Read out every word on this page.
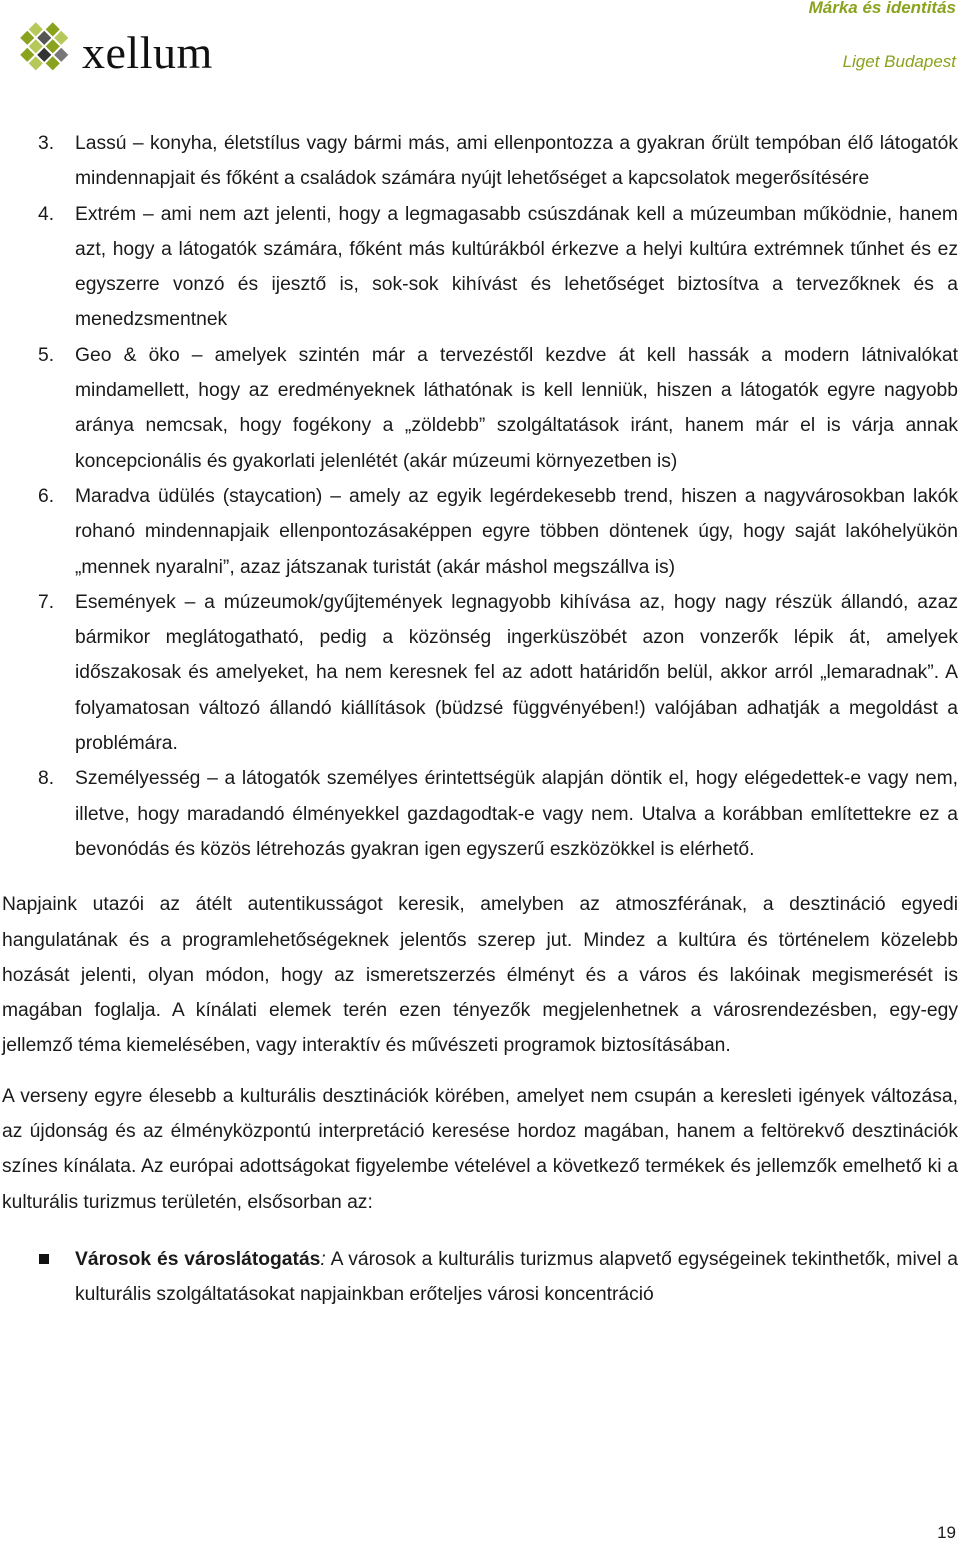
xellum
Márka és identitás
Liget Budapest
3. Lassú – konyha, életstílus vagy bármi más, ami ellenpontozza a gyakran őrült tempóban élő látogatók mindennapjait és főként a családok számára nyújt lehetőséget a kapcsolatok megerősítésére
4. Extrém – ami nem azt jelenti, hogy a legmagasabb csúszdának kell a múzeumban működnie, hanem azt, hogy a látogatók számára, főként más kultúrákból érkezve a helyi kultúra extrémnek tűnhet és ez egyszerre vonzó és ijesztő is, sok-sok kihívást és lehetőséget biztosítva a tervezőknek és a menedzsmentnek
5. Geo & öko – amelyek szintén már a tervezéstől kezdve át kell hassák a modern látnivalókat mindamellett, hogy az eredményeknek láthatónak is kell lenniük, hiszen a látogatók egyre nagyobb aránya nemcsak, hogy fogékony a „zöldebb” szolgáltatások iránt, hanem már el is várja annak koncepcionális és gyakorlati jelenlétét (akár múzeumi környezetben is)
6. Maradva üdülés (staycation) – amely az egyik legérdekesebb trend, hiszen a nagyvárosokban lakók rohanó mindennapjaik ellenpontozásaképpen egyre többen döntenek úgy, hogy saját lakóhelyükön „mennek nyaralni”, azaz játszanak turistát (akár máshol megszállva is)
7. Események – a múzeumok/gyűjtemények legnagyobb kihívása az, hogy nagy részük állandó, azaz bármikor meglátogatható, pedig a közönség ingerküszöbét azon vonzerők lépik át, amelyek időszakosak és amelyeket, ha nem keresnek fel az adott határidőn belül, akkor arról „lemaradnak”. A folyamatosan változó állandó kiállítások (büdzsé függvényében!) valójában adhatják a megoldást a problémára.
8. Személyesség – a látogatók személyes érintettségük alapján döntik el, hogy elégedettek-e vagy nem, illetve, hogy maradandó élményekkel gazdagodtak-e vagy nem. Utalva a korábban említettekre ez a bevonódás és közös létrehozás gyakran igen egyszerű eszközökkel is elérhető.

Napjaink utazói az átélt autentikusságot keresik, amelyben az atmoszférának, a desztináció egyedi hangulatának és a programlehetőségeknek jelentős szerep jut. Mindez a kultúra és történelem közelebb hozását jelenti, olyan módon, hogy az ismeretszerzés élményt és a város és lakóinak megismerését is magában foglalja. A kínálati elemek terén ezen tényezők megjelenhetnek a városrendezésben, egy-egy jellemző téma kiemelésében, vagy interaktív és művészeti programok biztosításában.

A verseny egyre élesebb a kulturális desztinációk körében, amelyet nem csupán a keresleti igények változása, az újdonság és az élményközpontú interpretáció keresése hordoz magában, hanem a feltörekvő desztinációk színes kínálata. Az európai adottságokat figyelembe vételével a következő termékek és jellemzők emelhető ki a kulturális turizmus területén, elsősorban az:

Városok és városlátogatás: A városok a kulturális turizmus alapvető egységeinek tekinthetők, mivel a kulturális szolgáltatásokat napjainkban erőteljes városi koncentráció
19
